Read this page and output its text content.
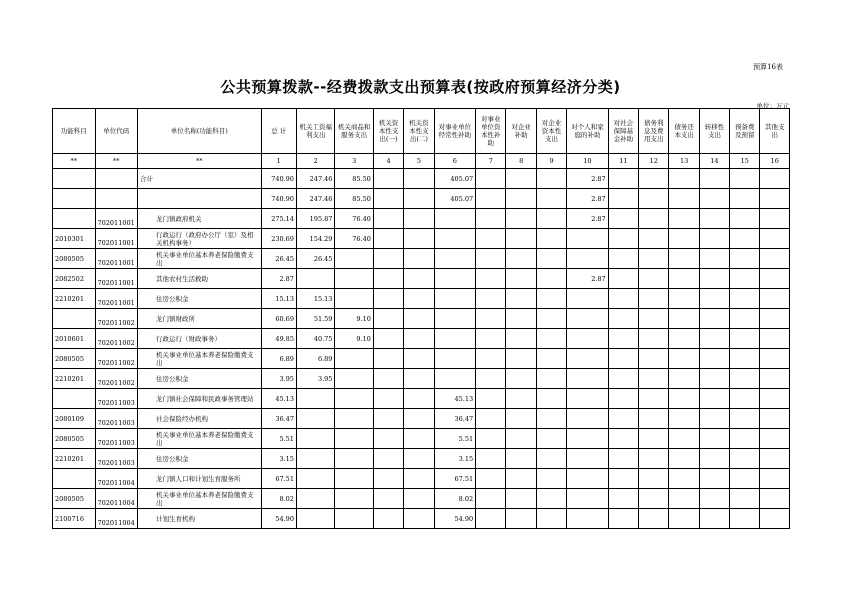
预算16表
公共预算拨款--经费拨款支出预算表(按政府预算经济分类)
单位：万元
功能科目	单位代码	单位名称(功能科目)	总 计	机关工资福利支出	机关商品和服务支出	机关资本性支出(一)	机关资本性支出(二)	对事业单位经常性补助	对事业单位资本性补助	对企业补助	对企业资本性支出	对个人和家庭的补助	对社会保障基金补助	债务利息及费用支出	债务还本支出	转移性支出	预备费及预留	其他支出
**	**	**	1	2	3	4	5	6	7	8	9	10	11	12	13	14	15	16
		合计	740.90	247.46	85.50			405.07				2.87						
			740.90	247.46	85.50			405.07				2.87						
	702011001	龙门镇政府机关	275.14	195.87	76.40							2.87						
2010301	702011001	行政运行（政府办公厅（室）及相关机构事务）	230.69	154.29	76.40													
2080505	702011001	机关事业单位基本养老保险缴费支出	26.45	26.45														
2082502	702011001	其他农村生活救助	2.87									2.87						
2210201	702011001	住房公积金	15.13	15.13														
	702011002	龙门镇财政所	60.69	51.59	9.10													
2010601	702011002	行政运行（财政事务）	49.85	40.75	9.10													
2080505	702011002	机关事业单位基本养老保险缴费支出	6.89	6.89														
2210201	702011002	住房公积金	3.95	3.95														
	702011003	龙门镇社会保障和民政事务管理站	45.13					45.13										
2080109	702011003	社会保险经办机构	36.47					36.47										
2080505	702011003	机关事业单位基本养老保险缴费支出	5.51					5.51										
2210201	702011003	住房公积金	3.15					3.15										
	702011004	龙门镇人口和计划生育服务所	67.51					67.51										
2080505	702011004	机关事业单位基本养老保险缴费支出	8.02					8.02										
2100716	702011004	计划生育机构	54.90					54.90										
